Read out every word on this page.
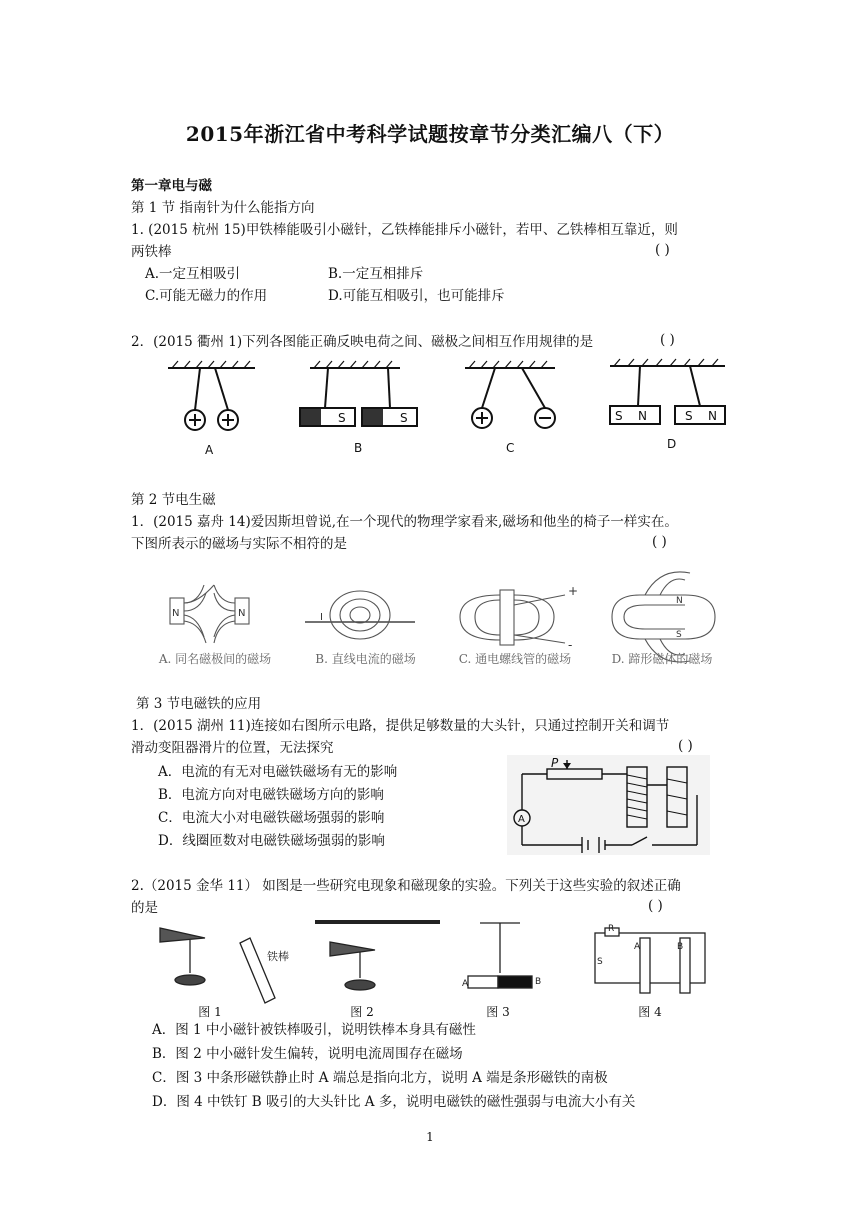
2015年浙江省中考科学试题按章节分类汇编八（下）
第一章电与磁
第 1 节 指南针为什么能指方向
1. (2015 杭州 15)甲铁棒能吸引小磁针，乙铁棒能排斥小磁针，若甲、乙铁棒相互靠近，则
两铁棒	( )
A.一定互相吸引	B.一定互相排斥
C.可能无磁力的作用	D.可能互相吸引，也可能排斥
2．(2015 衢州 1)下列各图能正确反映电荷之间、磁极之间相互作用规律的是	( )
S	S	S N	S N
A	B	C	D
第 2 节电生磁
1．(2015 嘉舟 14)爱因斯坦曾说,在一个现代的物理学家看来,磁场和他坐的椅子一样实在。
下图所表示的磁场与实际不相符的是	( )
N	N	I
+
-
N
S
A. 同名磁极间的磁场	B. 直线电流的磁场	C. 通电螺线管的磁场	D. 蹄形磁体的磁场
第 3 节电磁铁的应用
1．(2015 湖州 11)连接如右图所示电路，提供足够数量的大头针，只通过控制开关和调节
滑动变阻器滑片的位置，无法探究	( )
A．电流的有无对电磁铁磁场有无的影响
B．电流方向对电磁铁磁场方向的影响
C．电流大小对电磁铁磁场强弱的影响
D．线圈匝数对电磁铁磁场强弱的影响
P
A
2.（2015 金华 11） 如图是一些研究电现象和磁现象的实验。下列关于这些实验的叙述正确
的是	( )
铁棒
A	B
R
S
A	B
图 1	图 2	图 3	图 4
A．图 1 中小磁针被铁棒吸引，说明铁棒本身具有磁性
B．图 2 中小磁针发生偏转，说明电流周围存在磁场
C．图 3 中条形磁铁静止时 A 端总是指向北方，说明 A 端是条形磁铁的南极
D．图 4 中铁钉 B 吸引的大头针比 A 多，说明电磁铁的磁性强弱与电流大小有关
1
